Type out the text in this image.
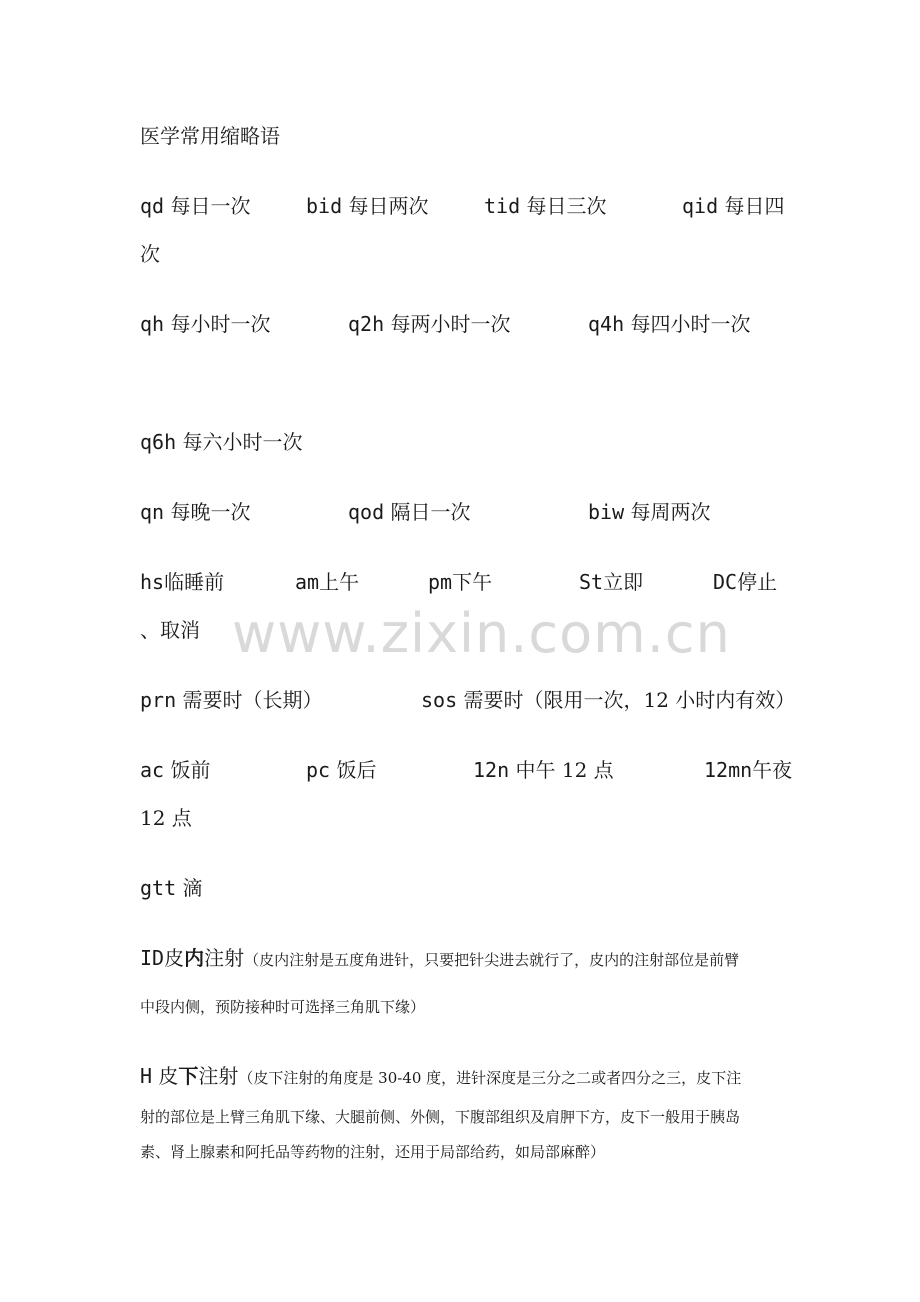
医学常用缩略语
qd 每日一次	bid 每日两次	tid 每日三次	qid 每日四
次
qh 每小时一次	q2h 每两小时一次	q4h 每四小时一次
q6h 每六小时一次
qn 每晚一次	qod 隔日一次	biw 每周两次
hs临睡前	am上午	pm下午	St立即	DC停止
、取消
prn 需要时（长期）	sos 需要时（限用一次，12 小时内有效）
ac 饭前	pc 饭后	12n 中午 12 点	12mn午夜
12 点
gtt 滴
ID皮内注射（皮内注射是五度角进针，只要把针尖进去就行了，皮内的注射部位是前臂
中段内侧，预防接种时可选择三角肌下缘）
H 皮下注射（皮下注射的角度是 30-40 度，进针深度是三分之二或者四分之三，皮下注
射的部位是上臂三角肌下缘、大腿前侧、外侧，下腹部组织及肩胛下方，皮下一般用于胰岛
素、肾上腺素和阿托品等药物的注射，还用于局部给药，如局部麻醉）
www.zixin.com.cn
